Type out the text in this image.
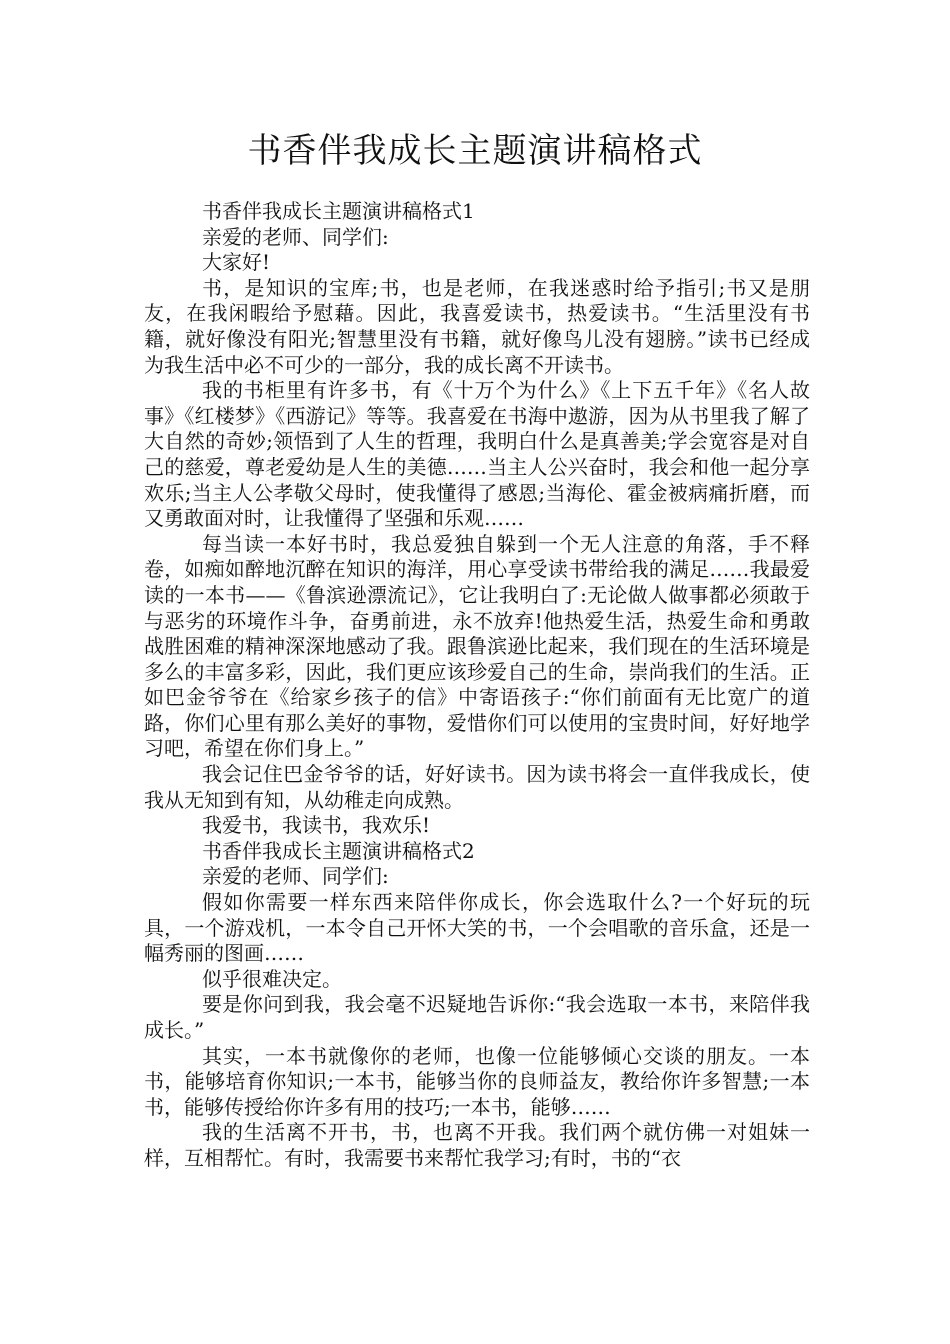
书香伴我成长主题演讲稿格式

书香伴我成长主题演讲稿格式1

亲爱的老师、同学们:

大家好!

书，是知识的宝库;书，也是老师，在我迷惑时给予指引;书又是朋友，在我闲暇给予慰藉。因此，我喜爱读书，热爱读书。“生活里没有书籍，就好像没有阳光;智慧里没有书籍，就好像鸟儿没有翅膀。”读书已经成为我生活中必不可少的一部分，我的成长离不开读书。

我的书柜里有许多书，有《十万个为什么》《上下五千年》《名人故事》《红楼梦》《西游记》等等。我喜爱在书海中遨游，因为从书里我了解了大自然的奇妙;领悟到了人生的哲理，我明白什么是真善美;学会宽容是对自己的慈爱，尊老爱幼是人生的美德……当主人公兴奋时，我会和他一起分享欢乐;当主人公孝敬父母时，使我懂得了感恩;当海伦、霍金被病痛折磨，而又勇敢面对时，让我懂得了坚强和乐观……

每当读一本好书时，我总爱独自躲到一个无人注意的角落，手不释卷，如痴如醉地沉醉在知识的海洋，用心享受读书带给我的满足……我最爱读的一本书——《鲁滨逊漂流记》，它让我明白了:无论做人做事都必须敢于与恶劣的环境作斗争，奋勇前进，永不放弃!他热爱生活，热爱生命和勇敢战胜困难的精神深深地感动了我。跟鲁滨逊比起来，我们现在的生活环境是多么的丰富多彩，因此，我们更应该珍爱自己的生命，崇尚我们的生活。正如巴金爷爷在《给家乡孩子的信》中寄语孩子:“你们前面有无比宽广的道路，你们心里有那么美好的事物，爱惜你们可以使用的宝贵时间，好好地学习吧，希望在你们身上。”

我会记住巴金爷爷的话，好好读书。因为读书将会一直伴我成长，使我从无知到有知，从幼稚走向成熟。

我爱书，我读书，我欢乐!

书香伴我成长主题演讲稿格式2

亲爱的老师、同学们:

假如你需要一样东西来陪伴你成长，你会选取什么?一个好玩的玩具，一个游戏机，一本令自己开怀大笑的书，一个会唱歌的音乐盒，还是一幅秀丽的图画……

似乎很难决定。

要是你问到我，我会毫不迟疑地告诉你:“我会选取一本书，来陪伴我成长。”

其实，一本书就像你的老师，也像一位能够倾心交谈的朋友。一本书，能够培育你知识;一本书，能够当你的良师益友，教给你许多智慧;一本书，能够传授给你许多有用的技巧;一本书，能够……

我的生活离不开书，书，也离不开我。我们两个就仿佛一对姐妹一样，互相帮忙。有时，我需要书来帮忙我学习;有时，书的“衣
